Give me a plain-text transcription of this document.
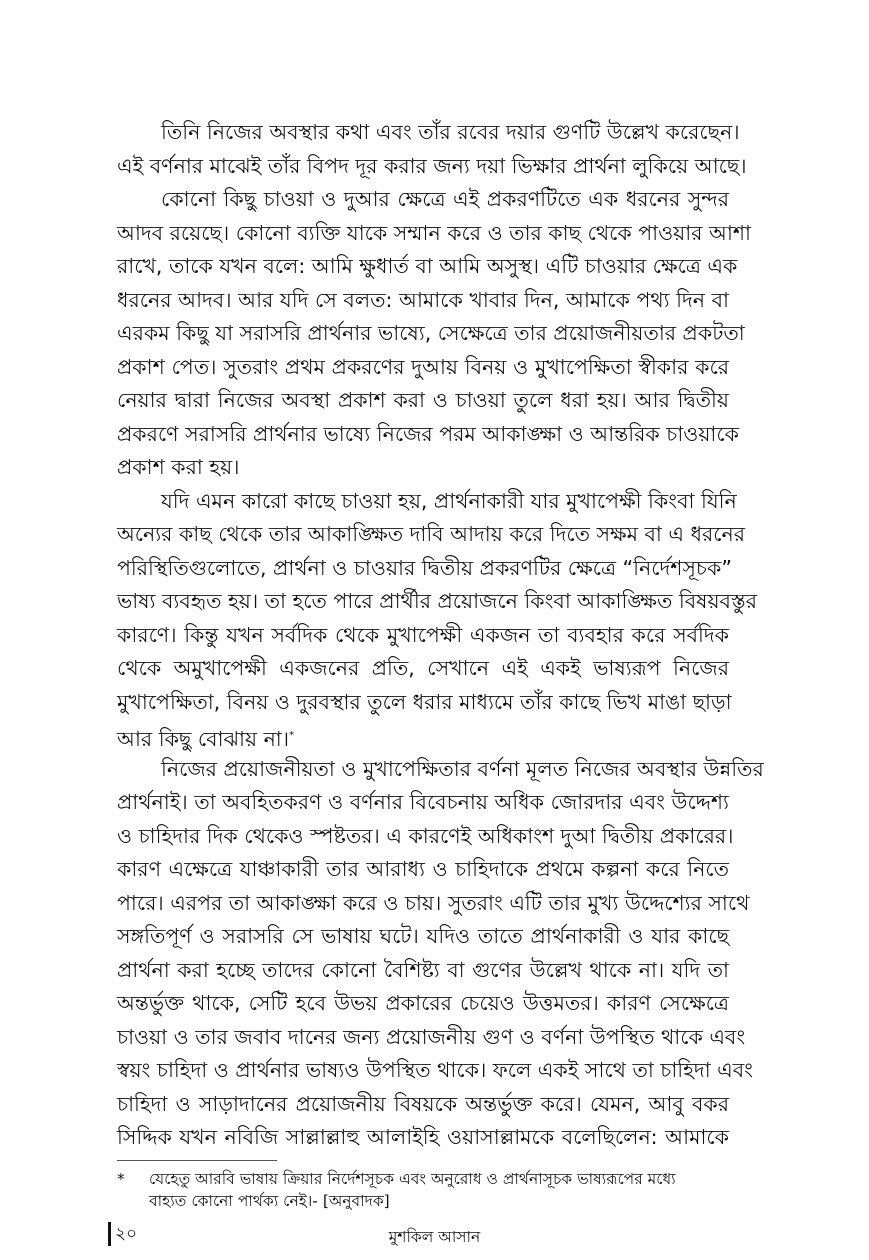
তিনি নিজের অবস্থার কথা এবং তাঁর রবের দয়ার গুণটি উল্লেখ করেছেন।
এই বর্ণনার মাঝেই তাঁর বিপদ দূর করার জন্য দয়া ভিক্ষার প্রার্থনা লুকিয়ে আছে।
কোনো কিছু চাওয়া ও দুআর ক্ষেত্রে এই প্রকরণটিতে এক ধরনের সুন্দর
আদব রয়েছে। কোনো ব্যক্তি যাকে সম্মান করে ও তার কাছ থেকে পাওয়ার আশা
রাখে, তাকে যখন বলে: আমি ক্ষুধার্ত বা আমি অসুস্থ। এটি চাওয়ার ক্ষেত্রে এক
ধরনের আদব। আর যদি সে বলত: আমাকে খাবার দিন, আমাকে পথ্য দিন বা
এরকম কিছু যা সরাসরি প্রার্থনার ভাষ্যে, সেক্ষেত্রে তার প্রয়োজনীয়তার প্রকটতা
প্রকাশ পেত। সুতরাং প্রথম প্রকরণের দুআয় বিনয় ও মুখাপেক্ষিতা স্বীকার করে
নেয়ার দ্বারা নিজের অবস্থা প্রকাশ করা ও চাওয়া তুলে ধরা হয়। আর দ্বিতীয়
প্রকরণে সরাসরি প্রার্থনার ভাষ্যে নিজের পরম আকাঙ্ক্ষা ও আন্তরিক চাওয়াকে
প্রকাশ করা হয়।
যদি এমন কারো কাছে চাওয়া হয়, প্রার্থনাকারী যার মুখাপেক্ষী কিংবা যিনি
অন্যের কাছ থেকে তার আকাঙ্ক্ষিত দাবি আদায় করে দিতে সক্ষম বা এ ধরনের
পরিস্থিতিগুলোতে, প্রার্থনা ও চাওয়ার দ্বিতীয় প্রকরণটির ক্ষেত্রে “নির্দেশসূচক”
ভাষ্য ব্যবহৃত হয়। তা হতে পারে প্রার্থীর প্রয়োজনে কিংবা আকাঙ্ক্ষিত বিষয়বস্তুর
কারণে। কিন্তু যখন সর্বদিক থেকে মুখাপেক্ষী একজন তা ব্যবহার করে সর্বদিক
থেকে অমুখাপেক্ষী একজনের প্রতি, সেখানে এই একই ভাষ্যরূপ নিজের
মুখাপেক্ষিতা, বিনয় ও দুরবস্থার তুলে ধরার মাধ্যমে তাঁর কাছে ভিখ মাঙা ছাড়া
আর কিছু বোঝায় না।*
নিজের প্রয়োজনীয়তা ও মুখাপেক্ষিতার বর্ণনা মূলত নিজের অবস্থার উন্নতির
প্রার্থনাই। তা অবহিতকরণ ও বর্ণনার বিবেচনায় অধিক জোরদার এবং উদ্দেশ্য
ও চাহিদার দিক থেকেও স্পষ্টতর। এ কারণেই অধিকাংশ দুআ দ্বিতীয় প্রকারের।
কারণ এক্ষেত্রে যাঞ্চাকারী তার আরাধ্য ও চাহিদাকে প্রথমে কল্পনা করে নিতে
পারে। এরপর তা আকাঙ্ক্ষা করে ও চায়। সুতরাং এটি তার মুখ্য উদ্দেশ্যের সাথে
সঙ্গতিপূর্ণ ও সরাসরি সে ভাষায় ঘটে। যদিও তাতে প্রার্থনাকারী ও যার কাছে
প্রার্থনা করা হচ্ছে তাদের কোনো বৈশিষ্ট্য বা গুণের উল্লেখ থাকে না। যদি তা
অন্তর্ভুক্ত থাকে, সেটি হবে উভয় প্রকারের চেয়েও উত্তমতর। কারণ সেক্ষেত্রে
চাওয়া ও তার জবাব দানের জন্য প্রয়োজনীয় গুণ ও বর্ণনা উপস্থিত থাকে এবং
স্বয়ং চাহিদা ও প্রার্থনার ভাষ্যও উপস্থিত থাকে। ফলে একই সাথে তা চাহিদা এবং
চাহিদা ও সাড়াদানের প্রয়োজনীয় বিষয়কে অন্তর্ভুক্ত করে। যেমন, আবু বকর
সিদ্দিক যখন নবিজি সাল্লাল্লাহু আলাইহি ওয়াসাল্লামকে বলেছিলেন: আমাকে
* যেহেতু আরবি ভাষায় ক্রিয়ার নির্দেশসূচক এবং অনুরোধ ও প্রার্থনাসূচক ভাষ্যরূপের মধ্যে
বাহ্যত কোনো পার্থক্য নেই।- [অনুবাদক]
২০	মুশকিল আসান
